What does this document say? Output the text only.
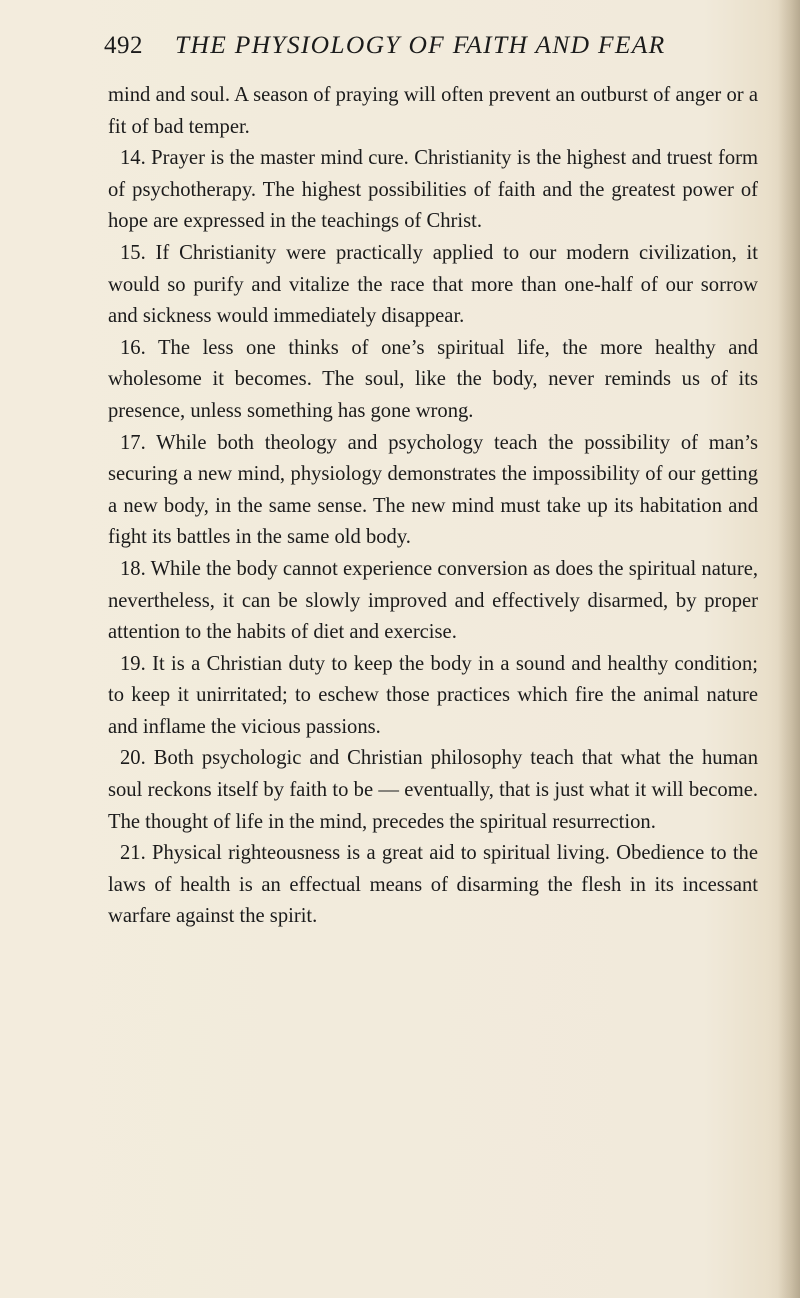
492 THE PHYSIOLOGY OF FAITH AND FEAR

mind and soul. A season of praying will often prevent an outburst of anger or a fit of bad temper.

14. Prayer is the master mind cure. Christianity is the highest and truest form of psychotherapy. The highest possibilities of faith and the greatest power of hope are expressed in the teachings of Christ.

15. If Christianity were practically applied to our modern civilization, it would so purify and vitalize the race that more than one-half of our sorrow and sickness would immediately disappear.

16. The less one thinks of one’s spiritual life, the more healthy and wholesome it becomes. The soul, like the body, never reminds us of its presence, unless something has gone wrong.

17. While both theology and psychology teach the possibility of man’s securing a new mind, physiology demonstrates the impossibility of our getting a new body, in the same sense. The new mind must take up its habitation and fight its battles in the same old body.

18. While the body cannot experience conversion as does the spiritual nature, nevertheless, it can be slowly improved and effectively disarmed, by proper attention to the habits of diet and exercise.

19. It is a Christian duty to keep the body in a sound and healthy condition; to keep it unirritated; to eschew those practices which fire the animal nature and inflame the vicious passions.

20. Both psychologic and Christian philosophy teach that what the human soul reckons itself by faith to be — eventually, that is just what it will become. The thought of life in the mind, precedes the spiritual resurrection.

21. Physical righteousness is a great aid to spiritual living. Obedience to the laws of health is an effectual means of disarming the flesh in its incessant warfare against the spirit.
